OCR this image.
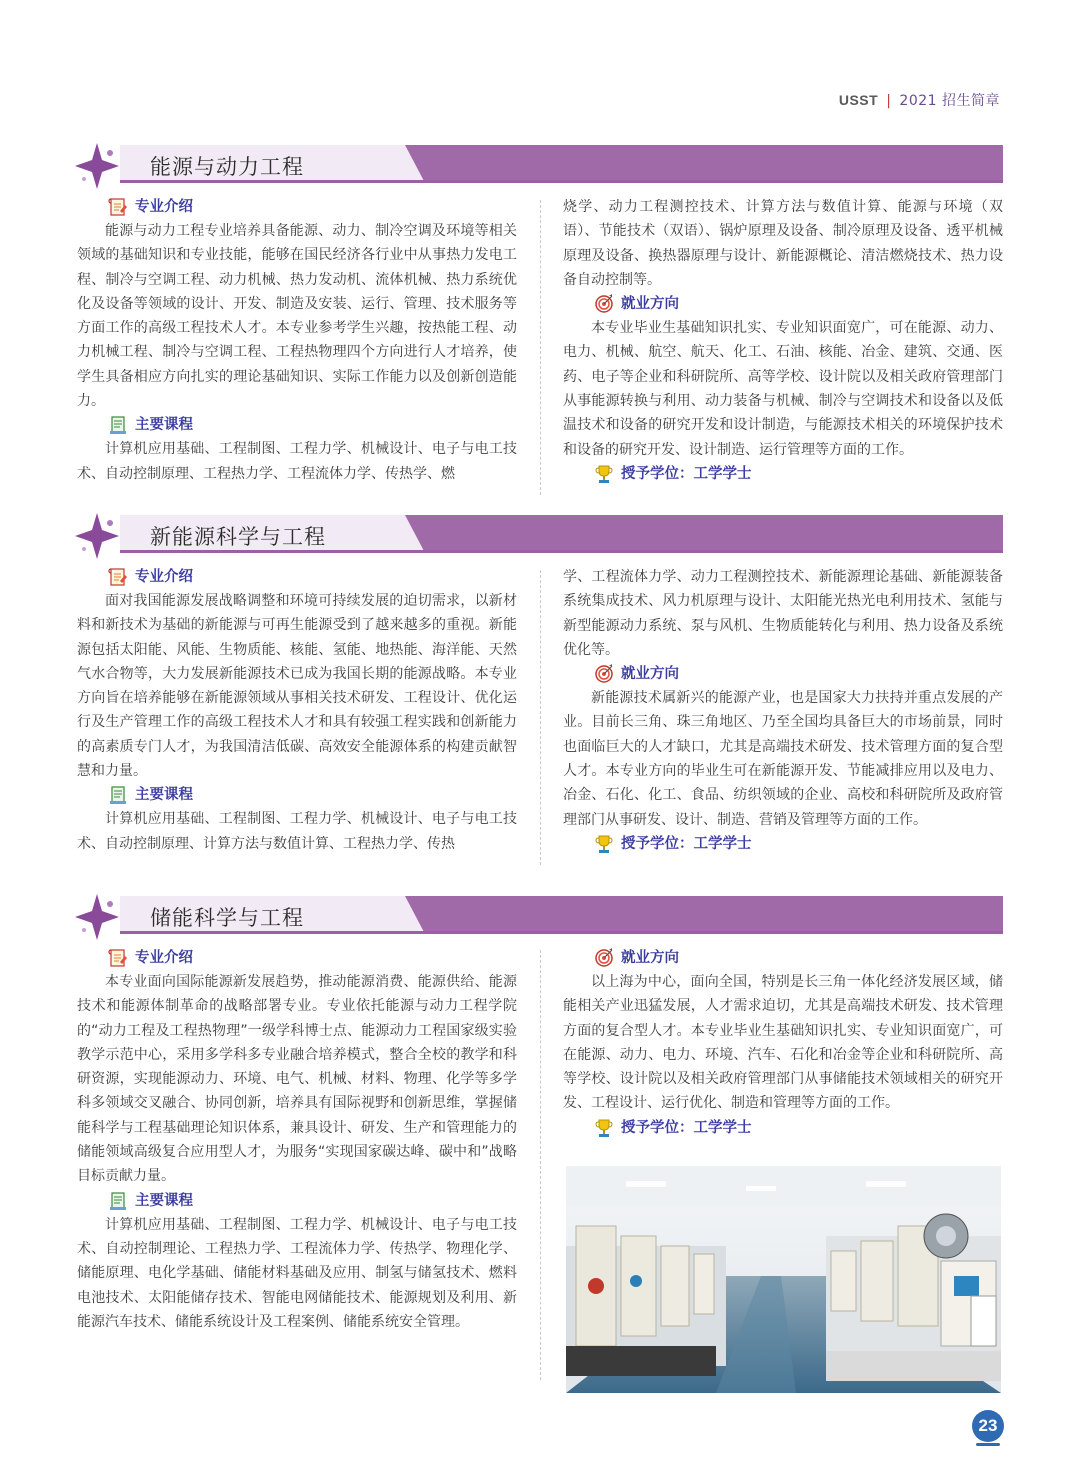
USST | 2021 招生简章
能源与动力工程
专业介绍

能源与动力工程专业培养具备能源、动力、制冷空调及环境等相关领域的基础知识和专业技能，能够在国民经济各行业中从事热力发电工程、制冷与空调工程、动力机械、热力发动机、流体机械、热力系统优化及设备等领域的设计、开发、制造及安装、运行、管理、技术服务等方面工作的高级工程技术人才。本专业参考学生兴趣，按热能工程、动力机械工程、制冷与空调工程、工程热物理四个方向进行人才培养，使学生具备相应方向扎实的理论基础知识、实际工作能力以及创新创造能力。

主要课程

计算机应用基础、工程制图、工程力学、机械设计、电子与电工技术、自动控制原理、工程热力学、工程流体力学、传热学、燃

烧学、动力工程测控技术、计算方法与数值计算、能源与环境（双语）、节能技术（双语）、锅炉原理及设备、制冷原理及设备、透平机械原理及设备、换热器原理与设计、新能源概论、清洁燃烧技术、热力设备自动控制等。

就业方向

本专业毕业生基础知识扎实、专业知识面宽广，可在能源、动力、电力、机械、航空、航天、化工、石油、核能、冶金、建筑、交通、医药、电子等企业和科研院所、高等学校、设计院以及相关政府管理部门从事能源转换与利用、动力装备与机械、制冷与空调技术和设备以及低温技术和设备的研究开发和设计制造，与能源技术相关的环境保护技术和设备的研究开发、设计制造、运行管理等方面的工作。

授予学位：工学学士
新能源科学与工程
专业介绍

面对我国能源发展战略调整和环境可持续发展的迫切需求，以新材料和新技术为基础的新能源与可再生能源受到了越来越多的重视。新能源包括太阳能、风能、生物质能、核能、氢能、地热能、海洋能、天然气水合物等，大力发展新能源技术已成为我国长期的能源战略。本专业方向旨在培养能够在新能源领域从事相关技术研发、工程设计、优化运行及生产管理工作的高级工程技术人才和具有较强工程实践和创新能力的高素质专门人才，为我国清洁低碳、高效安全能源体系的构建贡献智慧和力量。

主要课程

计算机应用基础、工程制图、工程力学、机械设计、电子与电工技术、自动控制原理、计算方法与数值计算、工程热力学、传热

学、工程流体力学、动力工程测控技术、新能源理论基础、新能源装备系统集成技术、风力机原理与设计、太阳能光热光电利用技术、氢能与新型能源动力系统、泵与风机、生物质能转化与利用、热力设备及系统优化等。

就业方向

新能源技术属新兴的能源产业，也是国家大力扶持并重点发展的产业。目前长三角、珠三角地区、乃至全国均具备巨大的市场前景，同时也面临巨大的人才缺口，尤其是高端技术研发、技术管理方面的复合型人才。本专业方向的毕业生可在新能源开发、节能减排应用以及电力、冶金、石化、化工、食品、纺织领域的企业、高校和科研院所及政府管理部门从事研发、设计、制造、营销及管理等方面的工作。

授予学位：工学学士
储能科学与工程
专业介绍

本专业面向国际能源新发展趋势，推动能源消费、能源供给、能源技术和能源体制革命的战略部署专业。专业依托能源与动力工程学院的“动力工程及工程热物理”一级学科博士点、能源动力工程国家级实验教学示范中心，采用多学科多专业融合培养模式，整合全校的教学和科研资源，实现能源动力、环境、电气、机械、材料、物理、化学等多学科多领域交叉融合、协同创新，培养具有国际视野和创新思维，掌握储能科学与工程基础理论知识体系，兼具设计、研发、生产和管理能力的储能领域高级复合应用型人才，为服务“实现国家碳达峰、碳中和”战略目标贡献力量。

主要课程

计算机应用基础、工程制图、工程力学、机械设计、电子与电工技术、自动控制理论、工程热力学、工程流体力学、传热学、物理化学、储能原理、电化学基础、储能材料基础及应用、制氢与储氢技术、燃料电池技术、太阳能储存技术、智能电网储能技术、能源规划及利用、新能源汽车技术、储能系统设计及工程案例、储能系统安全管理。

就业方向

以上海为中心，面向全国，特别是长三角一体化经济发展区域，储能相关产业迅猛发展，人才需求迫切，尤其是高端技术研发、技术管理方面的复合型人才。本专业毕业生基础知识扎实、专业知识面宽广，可在能源、动力、电力、环境、汽车、石化和冶金等企业和科研院所、高等学校、设计院以及相关政府管理部门从事储能技术领域相关的研究开发、工程设计、运行优化、制造和管理等方面的工作。

授予学位：工学学士
23
